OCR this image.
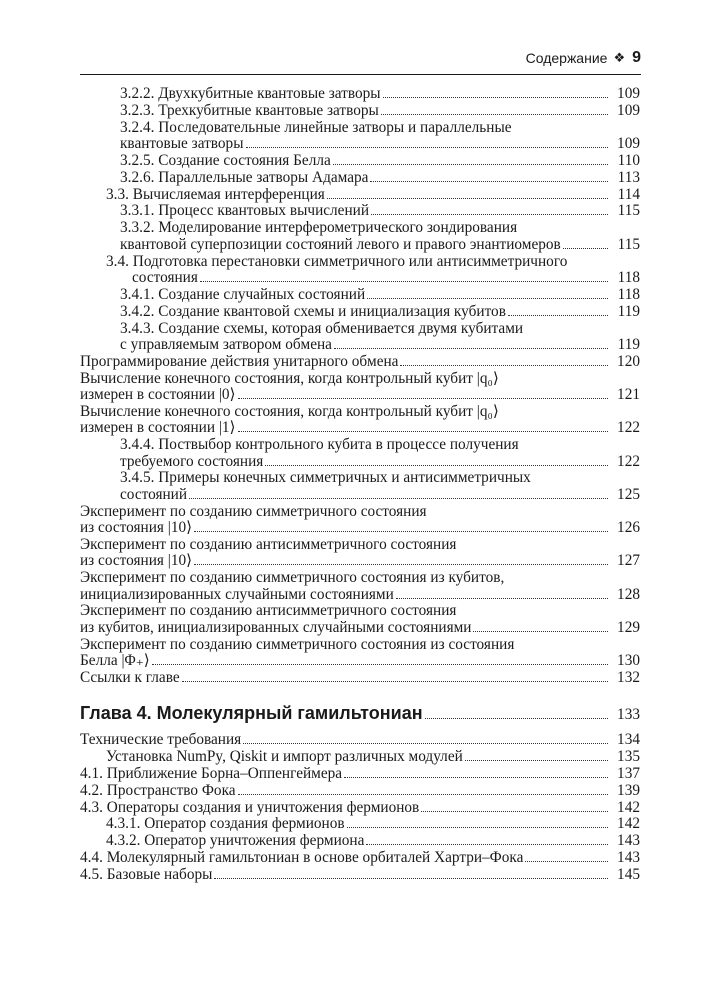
Содержание ❖ 9
3.2.2. Двухкубитные квантовые затворы	109
3.2.3. Трехкубитные квантовые затворы	109
3.2.4. Последовательные линейные затворы и параллельные
квантовые затворы	109
3.2.5. Создание состояния Белла	110
3.2.6. Параллельные затворы Адамара	113
3.3. Вычисляемая интерференция	114
3.3.1. Процесс квантовых вычислений	115
3.3.2. Моделирование интерферометрического зондирования
квантовой суперпозиции состояний левого и правого энантиомеров	115
3.4. Подготовка перестановки симметричного или антисимметричного
состояния	118
3.4.1. Создание случайных состояний	118
3.4.2. Создание квантовой схемы и инициализация кубитов	119
3.4.3. Создание схемы, которая обменивается двумя кубитами
с управляемым затвором обмена	119
Программирование действия унитарного обмена	120
Вычисление конечного состояния, когда контрольный кубит |q₀⟩
измерен в состоянии |0⟩	121
Вычисление конечного состояния, когда контрольный кубит |q₀⟩
измерен в состоянии |1⟩	122
3.4.4. Поствыбор контрольного кубита в процессе получения
требуемого состояния	122
3.4.5. Примеры конечных симметричных и антисимметричных
состояний	125
Эксперимент по созданию симметричного состояния
из состояния |10⟩	126
Эксперимент по созданию антисимметричного состояния
из состояния |10⟩	127
Эксперимент по созданию симметричного состояния из кубитов,
инициализированных случайными состояниями	128
Эксперимент по созданию антисимметричного состояния
из кубитов, инициализированных случайными состояниями	129
Эксперимент по созданию симметричного состояния из состояния
Белла |Φ₊⟩	130
Ссылки к главе	132
Глава 4. Молекулярный гамильтониан	133
Технические требования	134
Установка NumPy, Qiskit и импорт различных модулей	135
4.1. Приближение Борна–Оппенгеймера	137
4.2. Пространство Фока	139
4.3. Операторы создания и уничтожения фермионов	142
4.3.1. Оператор создания фермионов	142
4.3.2. Оператор уничтожения фермиона	143
4.4. Молекулярный гамильтониан в основе орбиталей Хартри–Фока	143
4.5. Базовые наборы	145
